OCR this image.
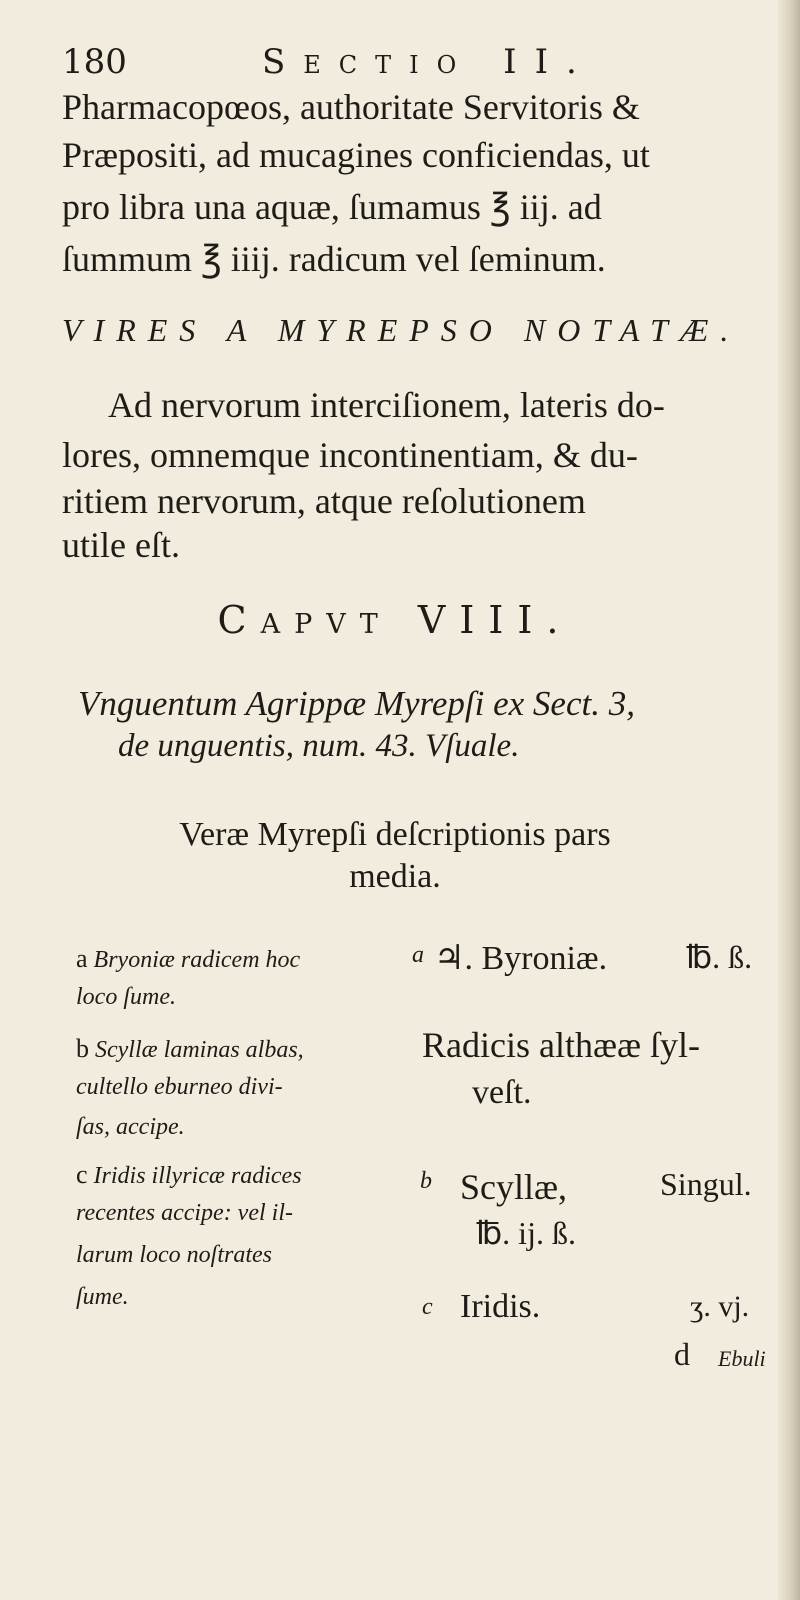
180	Sectio II.
Pharmacopœos, authoritate Servitoris &
Præpositi, ad mucagines conficiendas, ut
pro libra una aquæ, ſumamus ℥ iij. ad
ſummum ℥ iiij. radicum vel ſeminum.
VIRES A MYREPSO NOTATÆ.
Ad nervorum interciſionem, lateris do-
lores, omnemque incontinentiam, & du-
ritiem nervorum, atque reſolutionem
utile eſt.
Capvt VIII.
Vnguentum Agrippæ Myrepſi ex Sect. 3,
de unguentis, num. 43. Vſuale.
Veræ Myrepſi deſcriptionis pars
media.
a Bryoniæ radicem hoc
loco ſume.
b Scyllæ laminas albas,
cultello eburneo divi-
ſas, accipe.
c Iridis illyricæ radices
recentes accipe: vel il-
larum loco noſtrates
ſume.
a ♃. Byroniæ. ℔. ß.
Radicis althææ ſyl-
veſt.
b Scyllæ,	Singul.
℔. ij. ß.
c Iridis.	ʒ. vj.
d Ebuli
